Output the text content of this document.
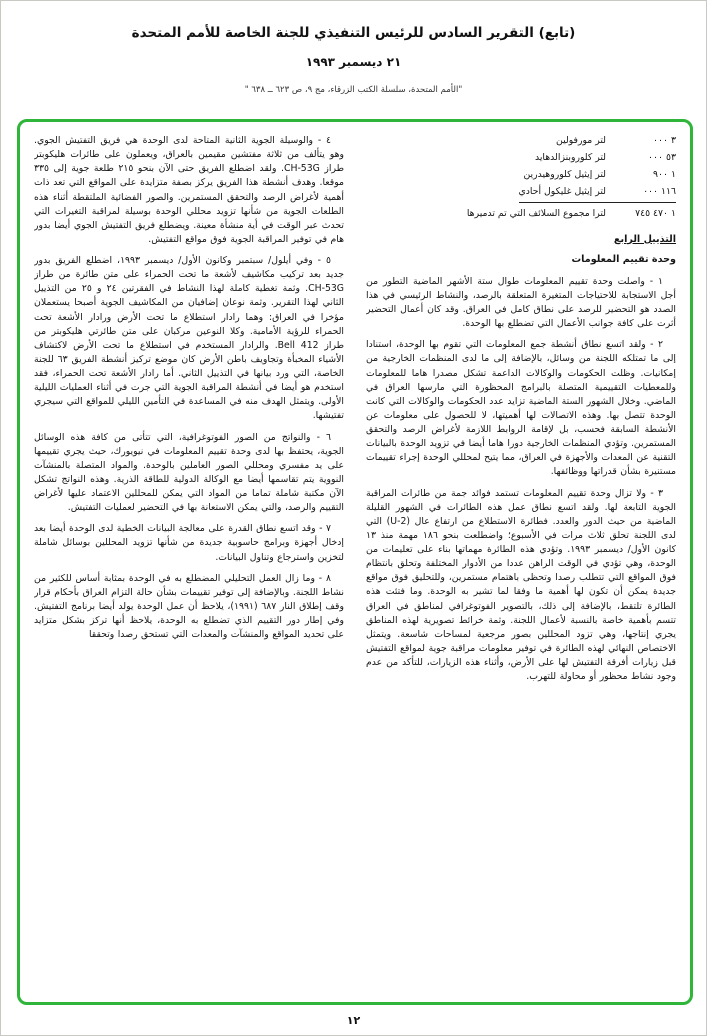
(تابع) التقرير السادس للرئيس التنفيذي للجنة الخاصة للأمم المتحدة
٢١ ديسمبر ١٩٩٣
"الأمم المتحدة، سلسلة الكتب الزرقاء، مج ٩، ص ٦٢٣ ــ ٦٣٨ "
٣ ٠٠٠
لتر مورفولين
٥٣ ٠٠٠
لتر كلوروبنزالدهايد
١ ٩٠٠
لتر إيثيل كلوروهيدرين
١١٦ ٠٠٠
لتر إيثيل غليكول أحادي
١ ٤٧٠ ٧٤٥
لترا مجموع السلائف التي تم تدميرها
التذييل الرابع
وحدة تقييم المعلومات

١ - واصلت وحدة تقييم المعلومات طوال ستة الأشهر الماضية التطور من أجل الاستجابة للاحتياجات المتغيرة المتعلقة بالرصد، والنشاط الرئيسي في هذا الصدد هو التحضير للرصد على نطاق كامل في العراق. وقد كان أعمال التحضير أثرت على كافة جوانب الأعمال التي تضطلع بها الوحدة.

٢ - ولقد اتسع نطاق أنشطة جمع المعلومات التي تقوم بها الوحدة، استنادا إلى ما تمتلكه اللجنة من وسائل، بالإضافة إلى ما لدى المنظمات الخارجية من إمكانيات. وظلت الحكومات والوكالات الداعمة تشكل مصدرا هاما للمعلومات وللمعطيات التقييمية المتصلة بالبرامج المحظورة التي مارسها العراق في الماضي. وخلال الشهور الستة الماضية تزايد عدد الحكومات والوكالات التي كانت الوحدة تتصل بها. وهذه الاتصالات لها أهميتها، لا للحصول على معلومات عن الأنشطة السابقة فحسب، بل لإقامة الروابط اللازمة لأغراض الرصد والتحقق المستمرين. وتؤدي المنظمات الخارجية دورا هاما أيضا في تزويد الوحدة بالبيانات التقنية عن المعدات والأجهزة في العراق، مما يتيح لمحللي الوحدة إجراء تقييمات مستنيرة بشأن قدراتها ووظائفها.

٣ - ولا تزال وحدة تقييم المعلومات تستمد فوائد جمة من طائرات المراقبة الجوية التابعة لها. ولقد اتسع نطاق عمل هذه الطائرات في الشهور القليلة الماضية من حيث الدور والعدد. فطائرة الاستطلاع من ارتفاع عال (U-2) التي لدى اللجنة تحلق ثلاث مرات في الأسبوع؛ واضطلعت بنحو ١٨٦ مهمة منذ ١٣ كانون الأول/ ديسمبر ١٩٩٣. وتؤدي هذه الطائرة مهماتها بناء على تعليمات من الوحدة، وهي تؤدي في الوقت الراهن عددا من الأدوار المختلفة وتحلق بانتظام فوق المواقع التي تتطلب رصدا وتحظى باهتمام مستمرين، وللتحليق فوق مواقع جديدة يمكن أن تكون لها أهمية ما وفقا لما تشير به الوحدة. وما فتئت هذه الطائرة تلتقط، بالإضافة إلى ذلك، بالتصوير الفوتوغرافي لمناطق في العراق تتسم بأهمية خاصة بالنسبة لأعمال اللجنة. وثمة خرائط تصويرية لهذه المناطق يجري إنتاجها، وهي تزود المحللين بصور مرجعية لمساحات شاسعة. ويتمثل الاختصاص النهائي لهذه الطائرة في توفير معلومات مراقبة جوية لمواقع التفتيش قبل زيارات أفرقة التفتيش لها على الأرض، وأثناء هذه الزيارات، للتأكد من عدم وجود نشاط محظور أو محاولة للتهرب.

٤ - والوسيلة الجوية الثانية المتاحة لدى الوحدة هي فريق التفتيش الجوي. وهو يتألف من ثلاثة مفتشين مقيمين بالعراق، ويعملون على طائرات هليكوبتر طراز CH-53G. ولقد اضطلع الفريق حتى الآن بنحو ٢١٥ طلعة جوية إلى ٣٣٥ موقعا. وهدف أنشطة هذا الفريق يركز بصفة متزايدة على المواقع التي تعد ذات أهمية لأغراض الرصد والتحقق المستمرين. والصور الفضائية الملتقطة أثناء هذه الطلعات الجوية من شأنها تزويد محللي الوحدة بوسيلة لمراقبة التغيرات التي تحدث عبر الوقت في أية منشأة معينة. ويضطلع فريق التفتيش الجوي أيضا بدور هام في توفير المراقبة الجوية فوق مواقع التفتيش.

٥ - وفي أيلول/ سبتمبر وكانون الأول/ ديسمبر ١٩٩٣، اضطلع الفريق بدور جديد بعد تركيب مكاشيف لأشعة ما تحت الحمراء على متن طائرة من طراز CH-53G. وثمة تغطية كاملة لهذا النشاط في الفقرتين ٢٤ و ٢٥ من التذييل الثاني لهذا التقرير. وثمة نوعان إضافيان من المكاشيف الجوية أصبحا يستعملان مؤخرا في العراق: وهما رادار استطلاع ما تحت الأرض ورادار الأشعة تحت الحمراء للرؤية الأمامية. وكلا النوعين مركبان على متن طائرتي هليكوبتر من طراز Bell 412. والرادار المستخدم في استطلاع ما تحت الأرض لاكتشاف الأشياء المخبأة وتجاويف باطن الأرض كان موضع تركيز أنشطة الفريق ٦٣ للجنة الخاصة، التي ورد بيانها في التذييل الثاني. أما رادار الأشعة تحت الحمراء، فقد استخدم هو أيضا في أنشطة المراقبة الجوية التي جرت في أثناء العمليات الليلية الأولى. ويتمثل الهدف منه في المساعدة في التأمين الليلي للمواقع التي سيجري تفتيشها.

٦ - والنواتج من الصور الفوتوغرافية، التي تتأتى من كافة هذه الوسائل الجوية، يحتفظ بها لدى وحدة تقييم المعلومات في نيويورك، حيث يجري تقييمها على يد مفسري ومحللي الصور العاملين بالوحدة. والمواد المتصلة بالمنشآت النووية يتم تقاسمها أيضا مع الوكالة الدولية للطاقة الذرية. وهذه النواتج تشكل الآن مكتبة شاملة تماما من المواد التي يمكن للمحللين الاعتماد عليها لأغراض التقييم والرصد، والتي يمكن الاستعانة بها في التحضير لعمليات التفتيش.

٧ - وقد اتسع نطاق القدرة على معالجة البيانات الخطية لدى الوحدة أيضا بعد إدخال أجهزة وبرامج حاسوبية جديدة من شأنها تزويد المحللين بوسائل شاملة لتخزين واسترجاع وتناول البيانات.

٨ - وما زال العمل التحليلي المضطلع به في الوحدة بمثابة أساس للكثير من نشاط اللجنة. وبالإضافة إلى توفير تقييمات بشأن حالة التزام العراق بأحكام قرار وقف إطلاق النار ٦٨٧ (١٩٩١)، يلاحظ أن عمل الوحدة يولد أيضا برنامج التفتيش. وفي إطار دور التقييم الذي تضطلع به الوحدة، يلاحظ أنها تركز بشكل متزايد على تحديد المواقع والمنشآت والمعدات التي تستحق رصدا وتحققا

١٢
